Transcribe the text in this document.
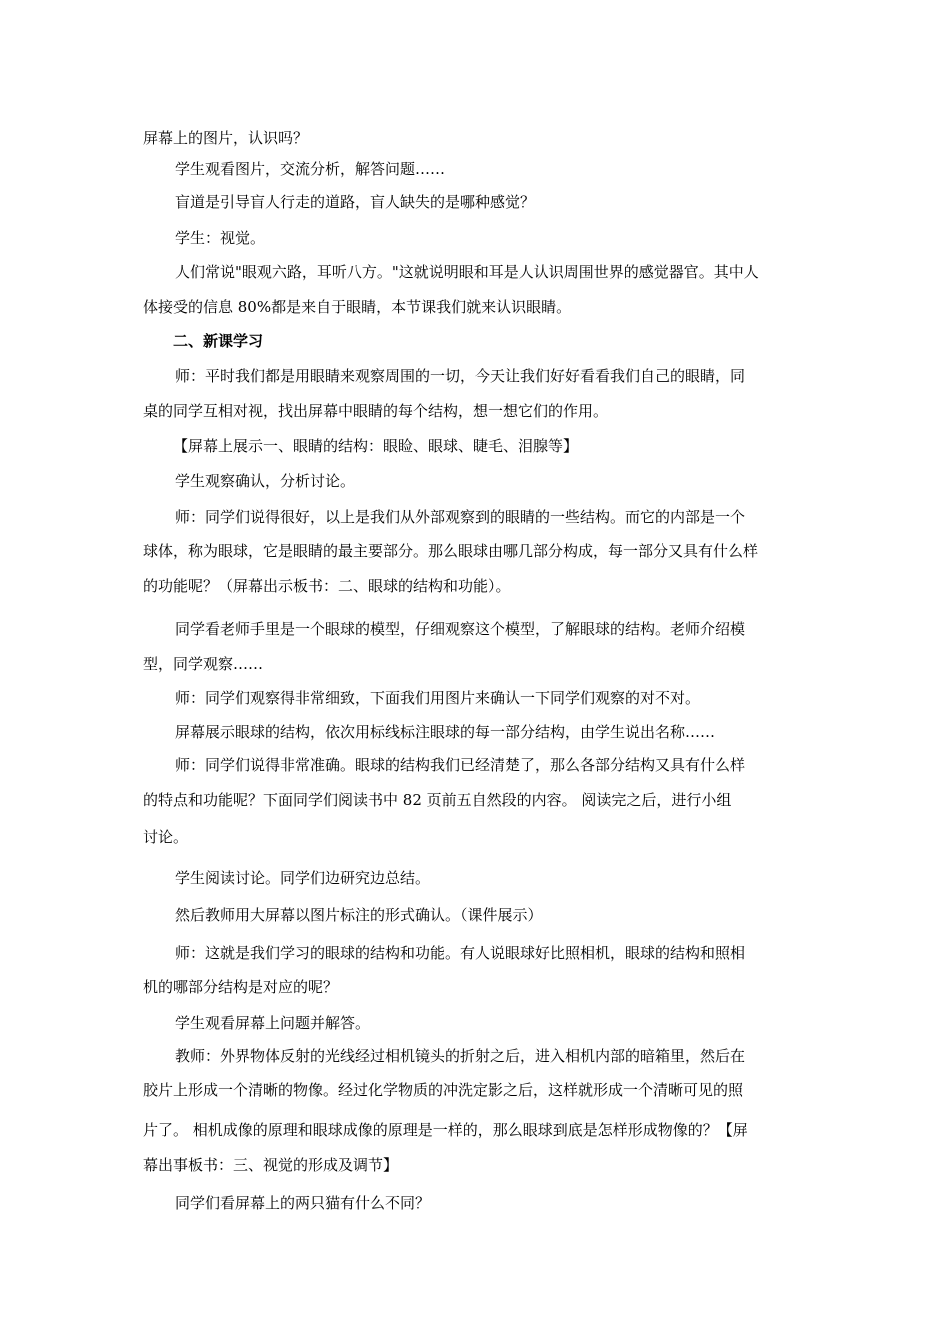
屏幕上的图片，认识吗？
学生观看图片，交流分析，解答问题……
盲道是引导盲人行走的道路，盲人缺失的是哪种感觉？
学生：视觉。
人们常说"眼观六路，耳听八方。"这就说明眼和耳是人认识周围世界的感觉器官。其中人
体接受的信息 80%都是来自于眼睛，本节课我们就来认识眼睛。
二、新课学习
师：平时我们都是用眼睛来观察周围的一切，今天让我们好好看看我们自己的眼睛，同
桌的同学互相对视，找出屏幕中眼睛的每个结构，想一想它们的作用。
【屏幕上展示一、眼睛的结构：眼睑、眼球、睫毛、泪腺等】
学生观察确认，分析讨论。
师：同学们说得很好，以上是我们从外部观察到的眼睛的一些结构。而它的内部是一个
球体，称为眼球，它是眼睛的最主要部分。那么眼球由哪几部分构成，每一部分又具有什么样
的功能呢？（屏幕出示板书：二、眼球的结构和功能）。
同学看老师手里是一个眼球的模型，仔细观察这个模型，了解眼球的结构。老师介绍模
型，同学观察……
师：同学们观察得非常细致，下面我们用图片来确认一下同学们观察的对不对。
屏幕展示眼球的结构，依次用标线标注眼球的每一部分结构，由学生说出名称……
师：同学们说得非常准确。眼球的结构我们已经清楚了，那么各部分结构又具有什么样
的特点和功能呢？下面同学们阅读书中 82 页前五自然段的内容。 阅读完之后，进行小组
讨论。
学生阅读讨论。同学们边研究边总结。
然后教师用大屏幕以图片标注的形式确认。（课件展示）
师：这就是我们学习的眼球的结构和功能。有人说眼球好比照相机，眼球的结构和照相
机的哪部分结构是对应的呢？
学生观看屏幕上问题并解答。
教师：外界物体反射的光线经过相机镜头的折射之后，进入相机内部的暗箱里，然后在
胶片上形成一个清晰的物像。经过化学物质的冲洗定影之后，这样就形成一个清晰可见的照
片了。 相机成像的原理和眼球成像的原理是一样的，那么眼球到底是怎样形成物像的？【屏
幕出事板书：三、视觉的形成及调节】
同学们看屏幕上的两只猫有什么不同？
